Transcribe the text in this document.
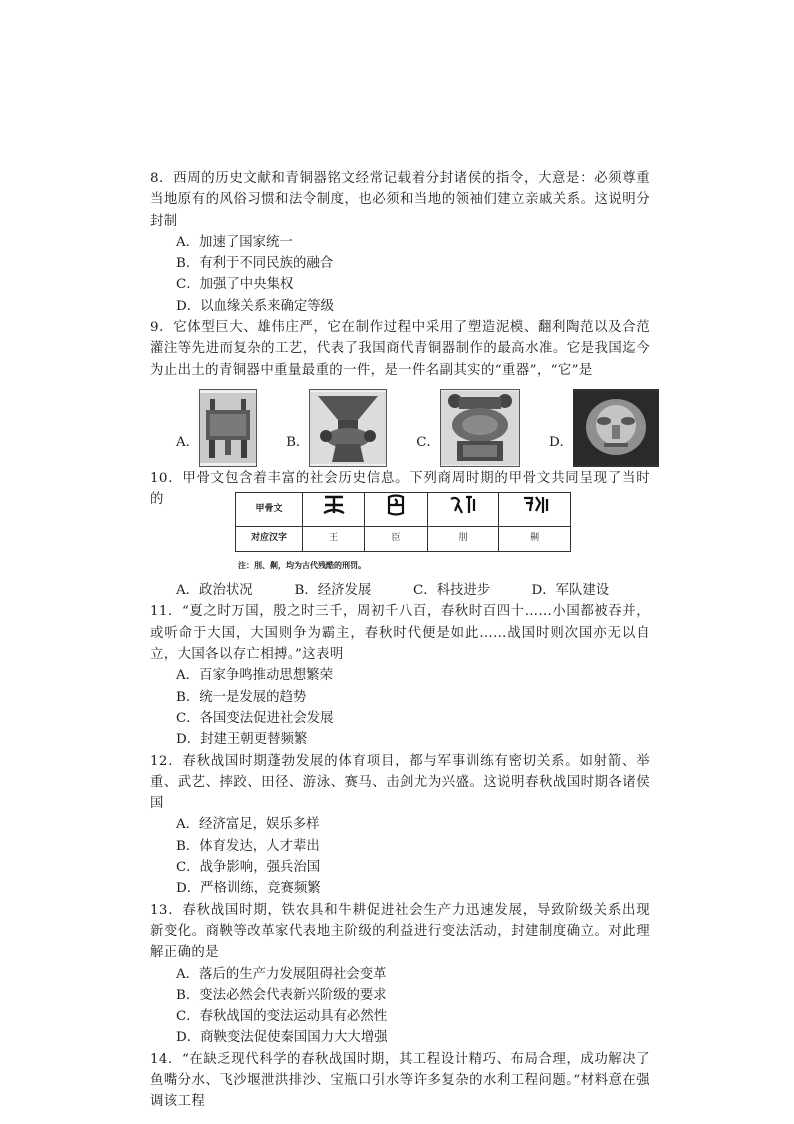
8．西周的历史文献和青铜器铭文经常记载着分封诸侯的指令，大意是：必须尊重当地原有的风俗习惯和法令制度，也必须和当地的领袖们建立亲戚关系。这说明分封制

A．加速了国家统一
B．有利于不同民族的融合
C．加强了中央集权
D．以血缘关系来确定等级

9．它体型巨大、雄伟庄严，它在制作过程中采用了塑造泥模、翻利陶范以及合范灌注等先进而复杂的工艺，代表了我国商代青铜器制作的最高水准。它是我国迄今为止出土的青铜器中重量最重的一件，是一件名副其实的“重器”，“它”是

A．	B．	C．	D．

10．甲骨文包含着丰富的社会历史信息。下列商周时期的甲骨文共同呈现了当时的

甲骨文				
对应汉字	王	臣	刖	劓
注：刖、劓，均为古代残酷的刑罚。
A．政治状况	B．经济发展	C．科技进步	D．军队建设

11．“夏之时万国，殷之时三千，周初千八百，春秋时百四十……小国都被吞并，或听命于大国，大国则争为霸主，春秋时代便是如此……战国时则次国亦无以自立，大国各以存亡相搏。”这表明

A．百家争鸣推动思想繁荣
B．统一是发展的趋势
C．各国变法促进社会发展
D．封建王朝更替频繁

12．春秋战国时期蓬勃发展的体育项目，都与军事训练有密切关系。如射箭、举重、武艺、摔跤、田径、游泳、赛马、击剑尤为兴盛。这说明春秋战国时期各诸侯国

A．经济富足，娱乐多样
B．体育发达，人才辈出
C．战争影响，强兵治国
D．严格训练，竞赛频繁

13．春秋战国时期，铁农具和牛耕促进社会生产力迅速发展，导致阶级关系出现新变化。商鞅等改革家代表地主阶级的利益进行变法活动，封建制度确立。对此理解正确的是

A．落后的生产力发展阻碍社会变革
B．变法必然会代表新兴阶级的要求
C．春秋战国的变法运动具有必然性
D．商鞅变法促使秦国国力大大增强

14．“在缺乏现代科学的春秋战国时期，其工程设计精巧、布局合理，成功解决了鱼嘴分水、飞沙堰泄洪排沙、宝瓶口引水等许多复杂的水利工程问题。”材料意在强调该工程
